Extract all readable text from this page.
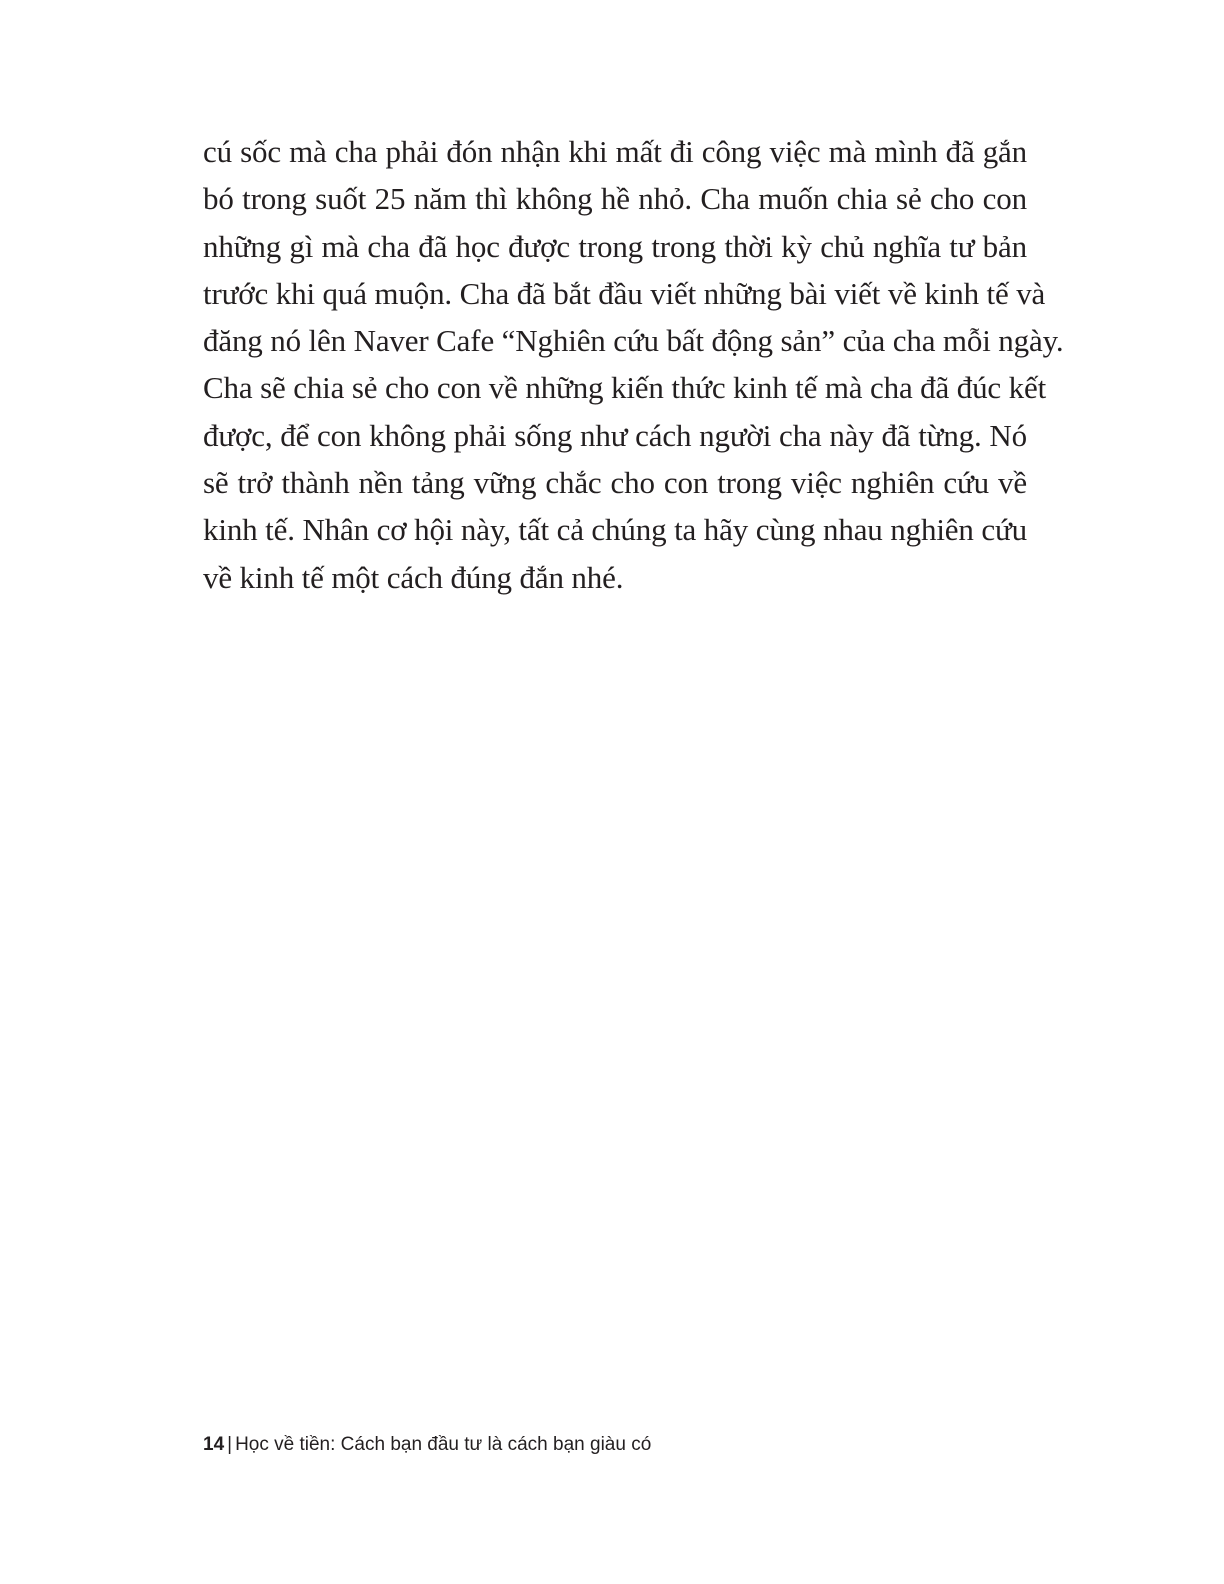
cú sốc mà cha phải đón nhận khi mất đi công việc mà mình đã gắn
bó trong suốt 25 năm thì không hề nhỏ. Cha muốn chia sẻ cho con
những gì mà cha đã học được trong trong thời kỳ chủ nghĩa tư bản
trước khi quá muộn. Cha đã bắt đầu viết những bài viết về kinh tế và
đăng nó lên Naver Cafe “Nghiên cứu bất động sản” của cha mỗi ngày.
Cha sẽ chia sẻ cho con về những kiến thức kinh tế mà cha đã đúc kết
được, để con không phải sống như cách người cha này đã từng. Nó
sẽ trở thành nền tảng vững chắc cho con trong việc nghiên cứu về
kinh tế. Nhân cơ hội này, tất cả chúng ta hãy cùng nhau nghiên cứu
về kinh tế một cách đúng đắn nhé.
14 | Học về tiền: Cách bạn đầu tư là cách bạn giàu có
